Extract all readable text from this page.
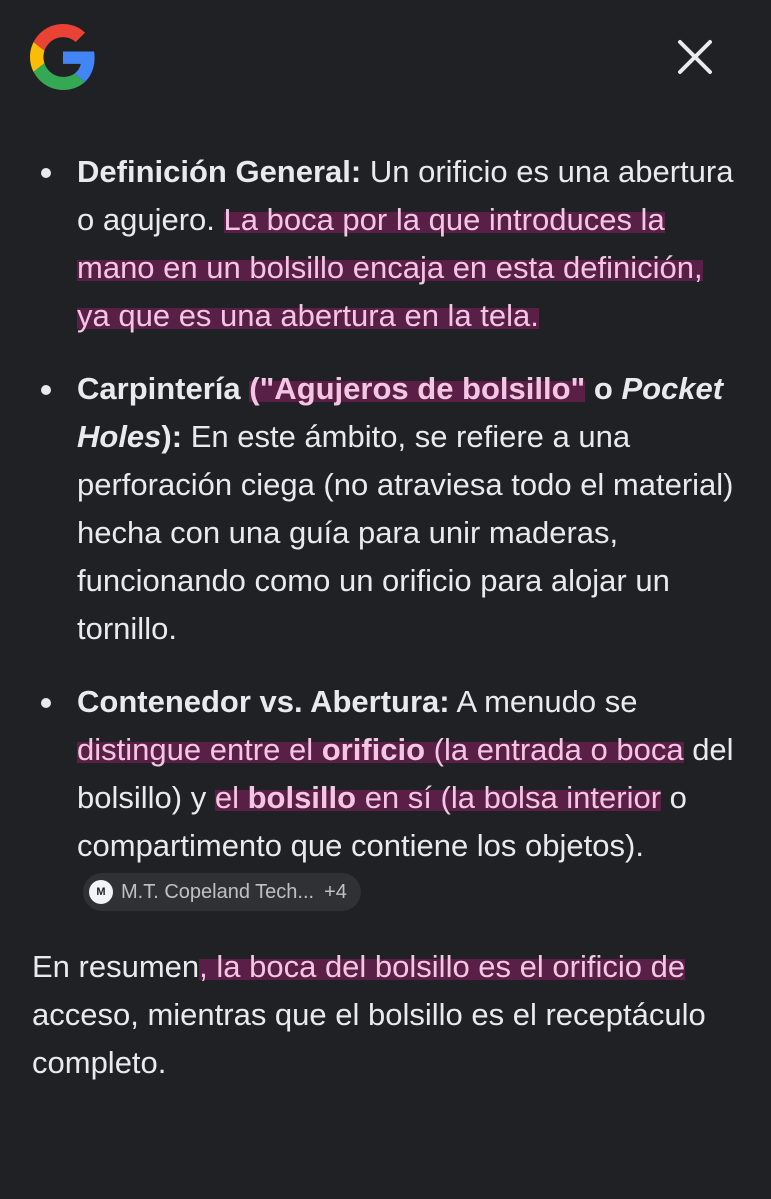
Definición General: Un orificio es una abertura o agujero. La boca por la que introduces la mano en un bolsillo encaja en esta definición, ya que es una abertura en la tela.
Carpintería ("Agujeros de bolsillo" o Pocket Holes): En este ámbito, se refiere a una perforación ciega (no atraviesa todo el material) hecha con una guía para unir maderas, funcionando como un orificio para alojar un tornillo.
Contenedor vs. Abertura: A menudo se distingue entre el orificio (la entrada o boca del bolsillo) y el bolsillo en sí (la bolsa interior o compartimento que contiene los objetos).
M M.T. Copeland Tech... +4
En resumen, la boca del bolsillo es el orificio de acceso, mientras que el bolsillo es el receptáculo completo.
